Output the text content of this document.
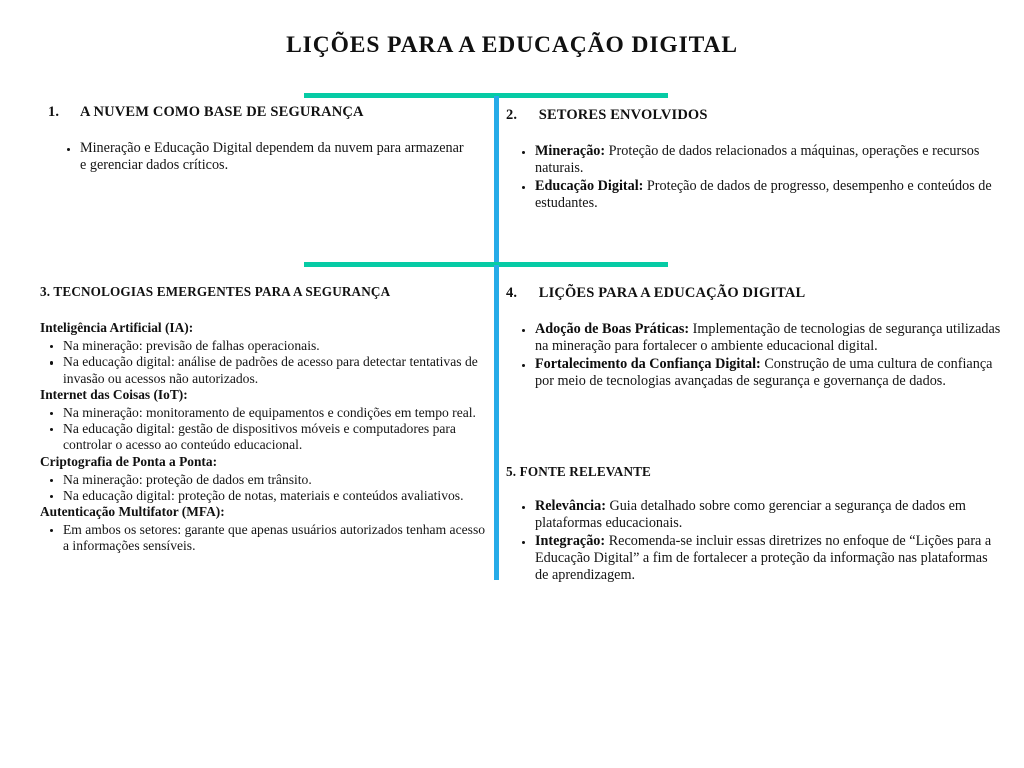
LIÇÕES PARA A EDUCAÇÃO DIGITAL
1. A NUVEM COMO BASE DE SEGURANÇA
Mineração e Educação Digital dependem da nuvem para armazenar e gerenciar dados críticos.
2. SETORES ENVOLVIDOS
Mineração: Proteção de dados relacionados a máquinas, operações e recursos naturais.
Educação Digital: Proteção de dados de progresso, desempenho e conteúdos de estudantes.
3. TECNOLOGIAS EMERGENTES PARA A SEGURANÇA

Inteligência Artificial (IA):

Na mineração: previsão de falhas operacionais.
Na educação digital: análise de padrões de acesso para detectar tentativas de invasão ou acessos não autorizados.

Internet das Coisas (IoT):

Na mineração: monitoramento de equipamentos e condições em tempo real.
Na educação digital: gestão de dispositivos móveis e computadores para controlar o acesso ao conteúdo educacional.

Criptografia de Ponta a Ponta:

Na mineração: proteção de dados em trânsito.
Na educação digital: proteção de notas, materiais e conteúdos avaliativos.

Autenticação Multifator (MFA):

Em ambos os setores: garante que apenas usuários autorizados tenham acesso a informações sensíveis.
4. LIÇÕES PARA A EDUCAÇÃO DIGITAL
Adoção de Boas Práticas: Implementação de tecnologias de segurança utilizadas na mineração para fortalecer o ambiente educacional digital.
Fortalecimento da Confiança Digital: Construção de uma cultura de confiança por meio de tecnologias avançadas de segurança e governança de dados.
5. FONTE RELEVANTE
Relevância: Guia detalhado sobre como gerenciar a segurança de dados em plataformas educacionais.
Integração: Recomenda-se incluir essas diretrizes no enfoque de “Lições para a Educação Digital” a fim de fortalecer a proteção da informação nas plataformas de aprendizagem.
